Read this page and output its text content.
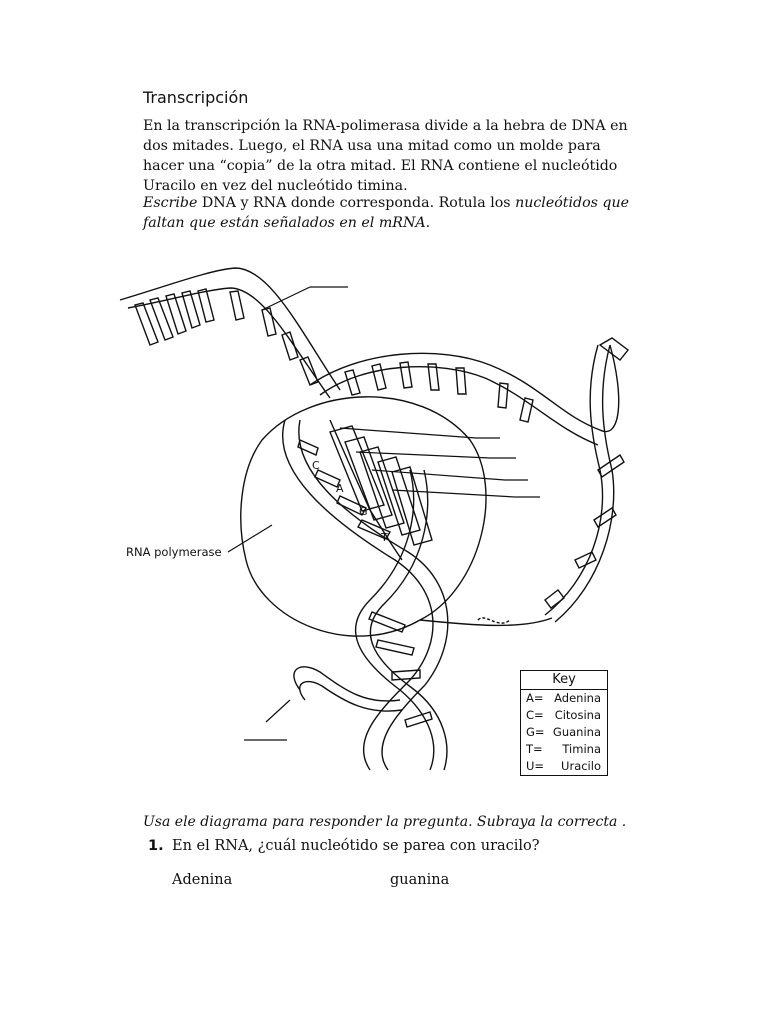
Transcripción
En la transcripción la RNA-polimerasa divide a la hebra de DNA en dos mitades. Luego, el RNA usa una mitad como un molde para hacer una “copia” de la otra mitad. El RNA contiene el nucleótido Uracilo en vez del nucleótido timina.
Escribe DNA y RNA donde corresponda. Rotula los nucleótidos que faltan que están señalados en el mRNA.
C
A
G
T
RNA polymerase
Key
A= Adenina
C= Citosina
G= Guanina
T=	Timina
U=	Uracilo
Usa ele diagrama para responder la pregunta. Subraya la correcta .
1. En el RNA, ¿cuál nucleótido se parea con uracilo?
Adenina	guanina
